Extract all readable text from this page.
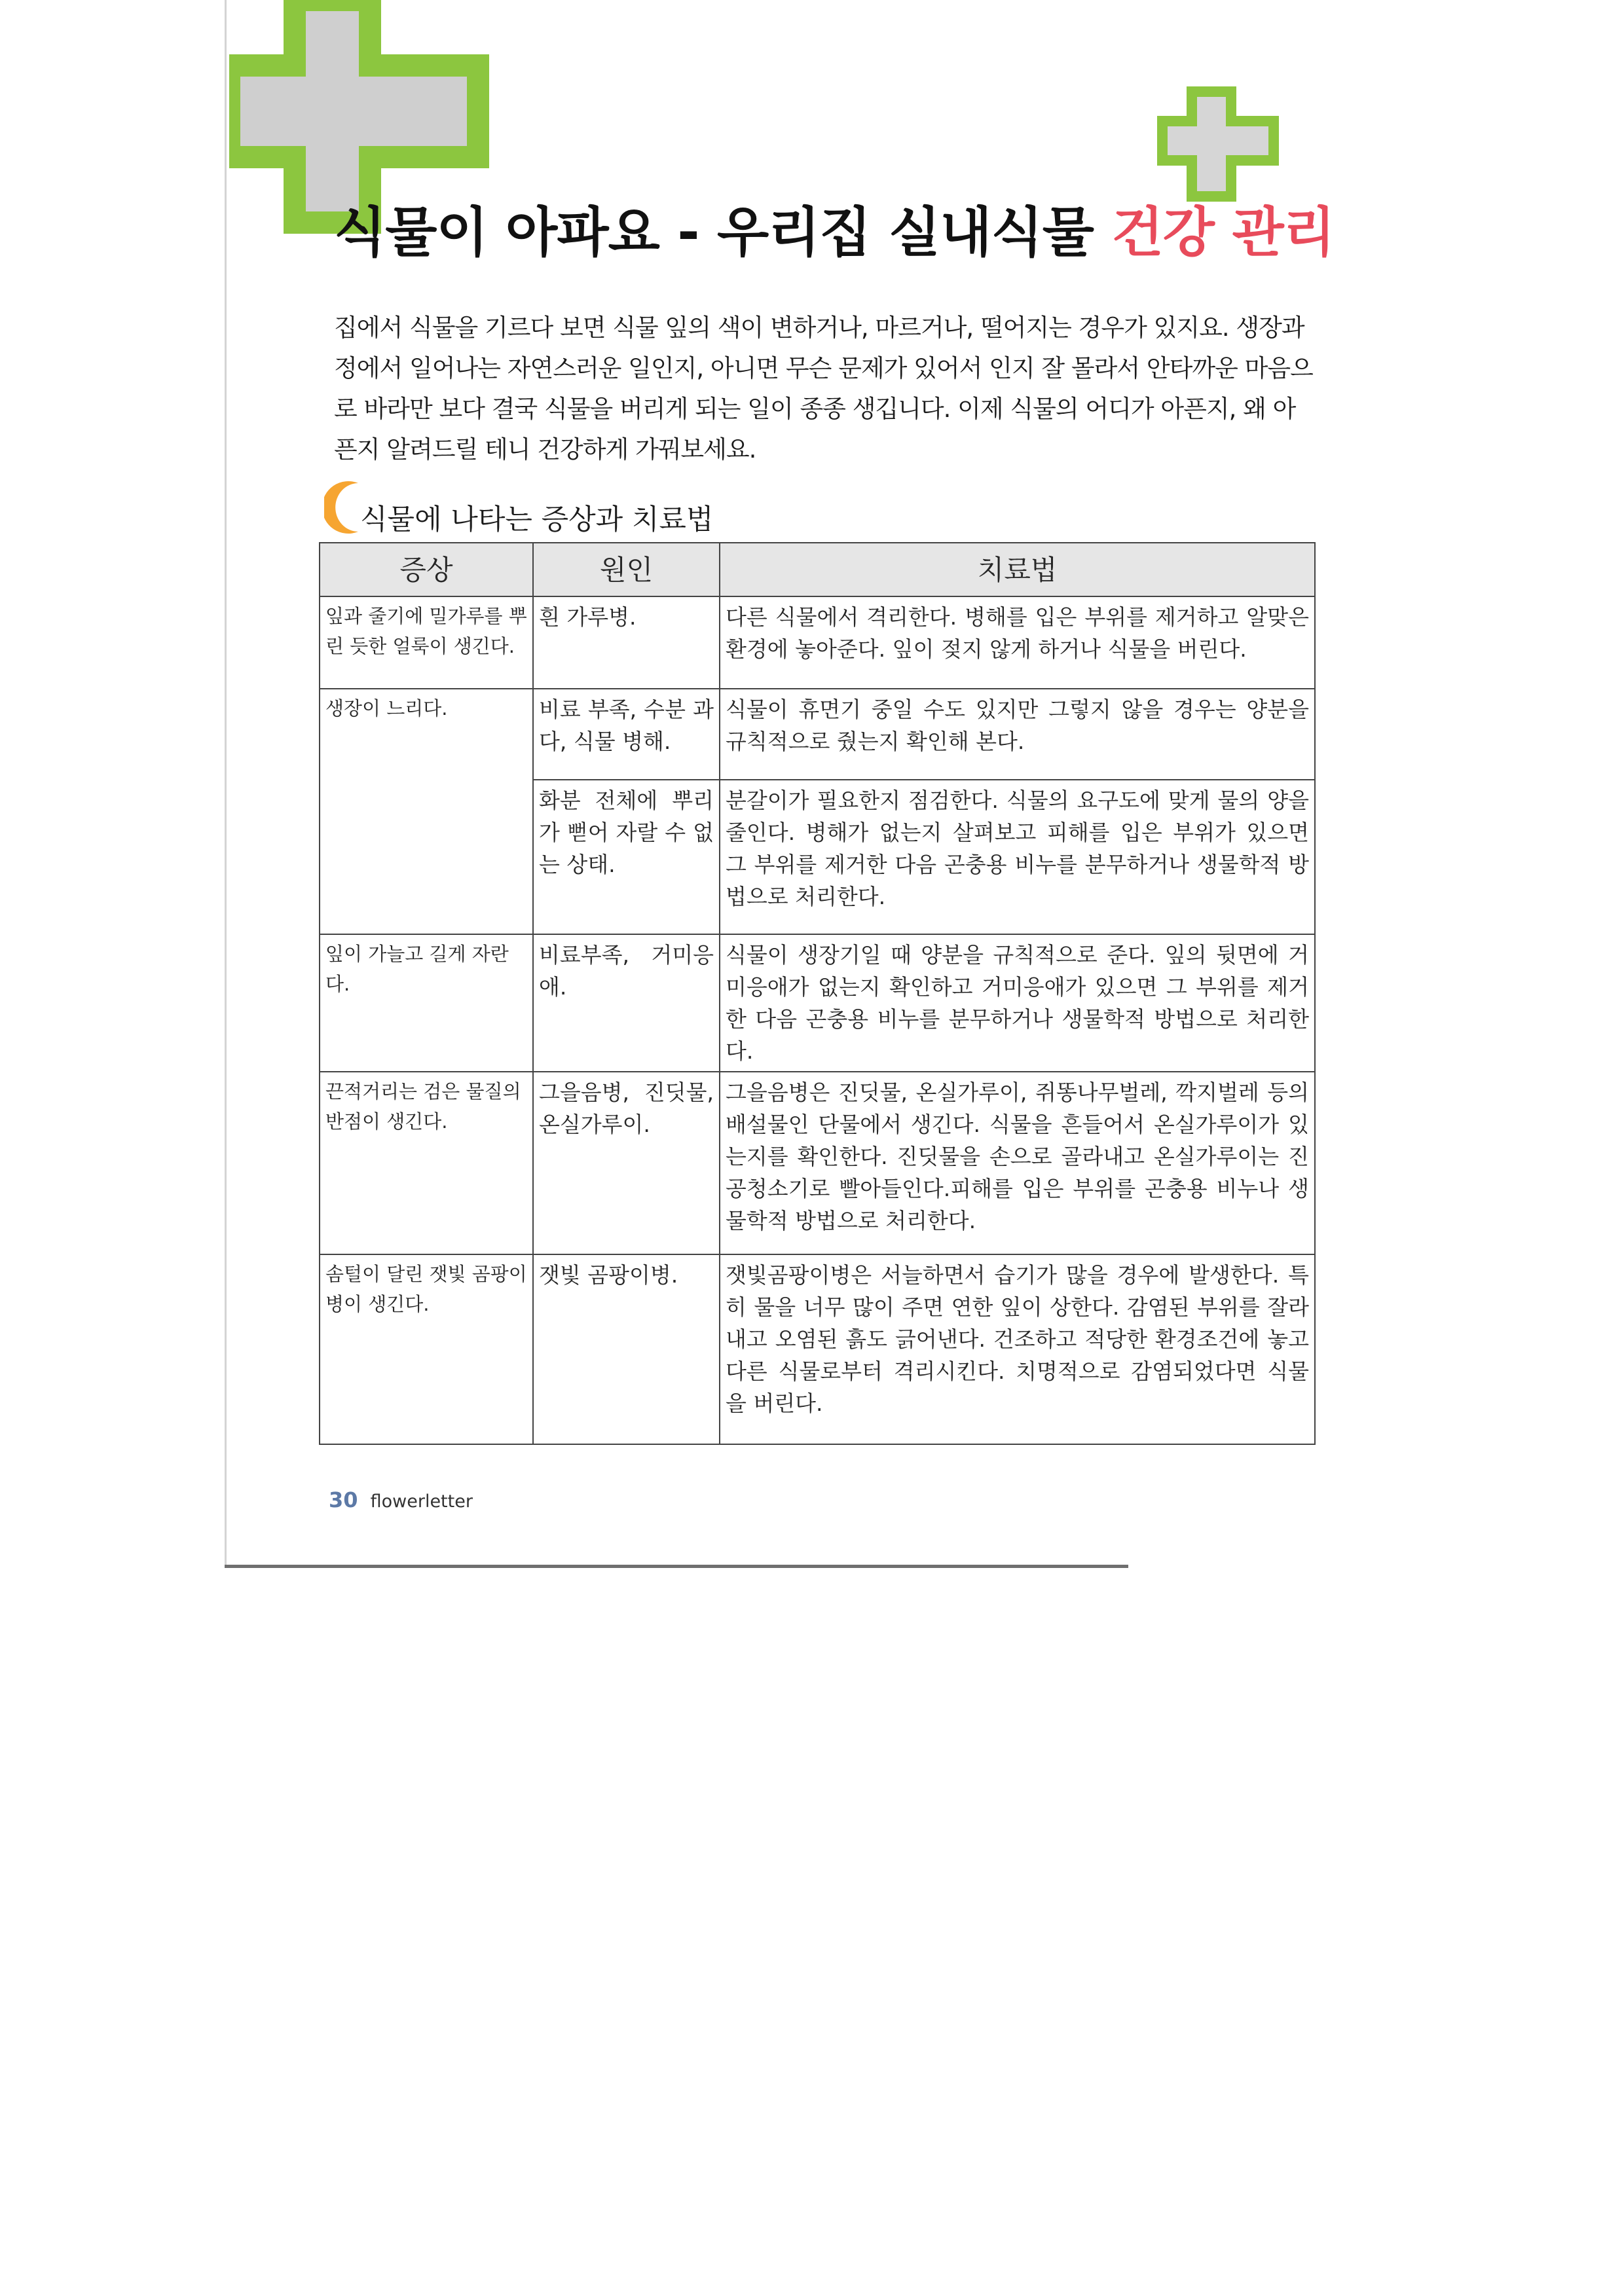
식물이 아파요 - 우리집 실내식물 건강 관리
집에서 식물을 기르다 보면 식물 잎의 색이 변하거나, 마르거나, 떨어지는 경우가 있지요. 생장과정에서 일어나는 자연스러운 일인지, 아니면 무슨 문제가 있어서 인지 잘 몰라서 안타까운 마음으로 바라만 보다 결국 식물을 버리게 되는 일이 종종 생깁니다. 이제 식물의 어디가 아픈지, 왜 아픈지 알려드릴 테니 건강하게 가꿔보세요.
식물에 나타는 증상과 치료법
증상	원인	치료법
잎과 줄기에 밀가루를 뿌린 듯한 얼룩이 생긴다.	흰 가루병.	다른 식물에서 격리한다. 병해를 입은 부위를 제거하고 알맞은 환경에 놓아준다. 잎이 젖지 않게 하거나 식물을 버린다.
생장이 느리다.	비료 부족, 수분 과다, 식물 병해.	식물이 휴면기 중일 수도 있지만 그렇지 않을 경우는 양분을 규칙적으로 줬는지 확인해 본다.
	화분 전체에 뿌리가 뻗어 자랄 수 없는 상태.	분갈이가 필요한지 점검한다. 식물의 요구도에 맞게 물의 양을 줄인다. 병해가 없는지 살펴보고 피해를 입은 부위가 있으면 그 부위를 제거한 다음 곤충용 비누를 분무하거나 생물학적 방법으로 처리한다.
잎이 가늘고 길게 자란다.	비료부족, 거미응애.	식물이 생장기일 때 양분을 규칙적으로 준다. 잎의 뒷면에 거미응애가 없는지 확인하고 거미응애가 있으면 그 부위를 제거한 다음 곤충용 비누를 분무하거나 생물학적 방법으로 처리한다.
끈적거리는 검은 물질의 반점이 생긴다.	그을음병, 진딧물, 온실가루이.	그을음병은 진딧물, 온실가루이, 쥐똥나무벌레, 깍지벌레 등의 배설물인 단물에서 생긴다. 식물을 흔들어서 온실가루이가 있는지를 확인한다. 진딧물을 손으로 골라내고 온실가루이는 진공청소기로 빨아들인다.피해를 입은 부위를 곤충용 비누나 생물학적 방법으로 처리한다.
솜털이 달린 잿빛 곰팡이 병이 생긴다.	잿빛 곰팡이병.	잿빛곰팡이병은 서늘하면서 습기가 많을 경우에 발생한다. 특히 물을 너무 많이 주면 연한 잎이 상한다. 감염된 부위를 잘라내고 오염된 흙도 긁어낸다. 건조하고 적당한 환경조건에 놓고 다른 식물로부터 격리시킨다. 치명적으로 감염되었다면 식물을 버린다.
30 flowerletter
